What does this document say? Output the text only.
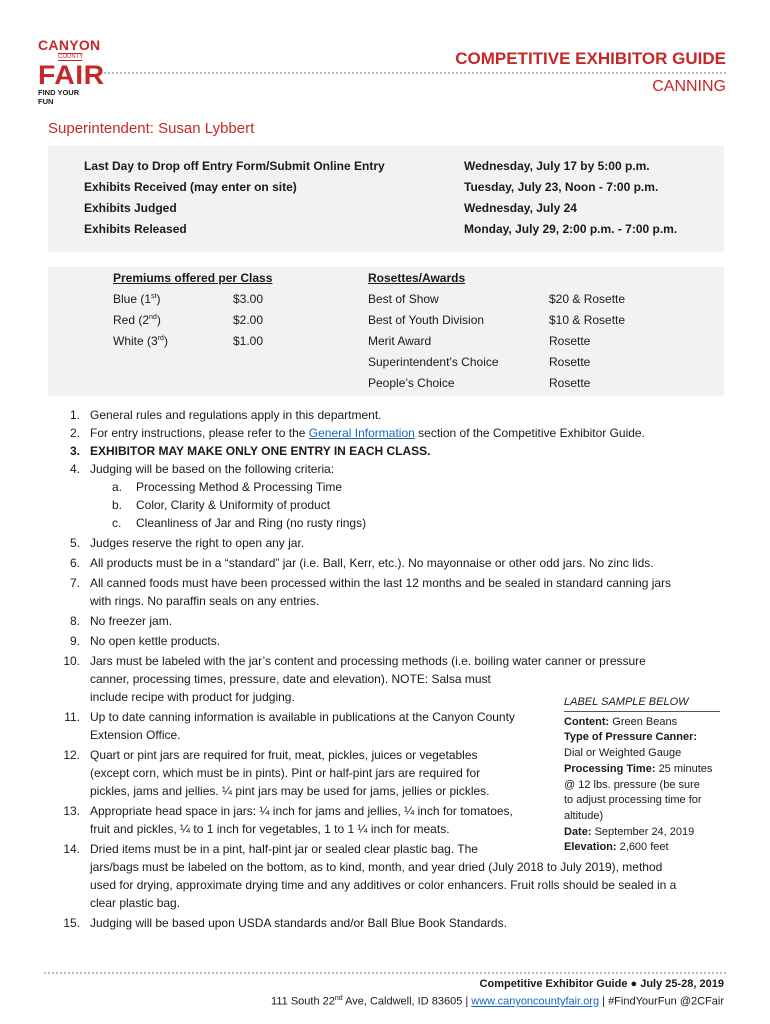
CANYON
COUNTY
FAIR
FIND YOUR FUN
COMPETITIVE EXHIBITOR GUIDE
CANNING
Superintendent: Susan Lybbert
Last Day to Drop off Entry Form/Submit Online Entry	Wednesday, July 17 by 5:00 p.m.
Exhibits Received (may enter on site)	Tuesday, July 23, Noon - 7:00 p.m.
Exhibits Judged	Wednesday, July 24
Exhibits Released	Monday, July 29, 2:00 p.m. - 7:00 p.m.
Premiums offered per Class
Blue (1st)	$3.00
Red (2nd)	$2.00
White (3rd)	$1.00
Rosettes/Awards
Best of Show	$20 & Rosette
Best of Youth Division	$10 & Rosette
Merit Award	Rosette
Superintendent’s Choice	Rosette
People’s Choice	Rosette
1. General rules and regulations apply in this department.
2. For entry instructions, please refer to the General Information section of the Competitive Exhibitor Guide.
3. EXHIBITOR MAY MAKE ONLY ONE ENTRY IN EACH CLASS.
4. Judging will be based on the following criteria:
a. Processing Method & Processing Time
b. Color, Clarity & Uniformity of product
c. Cleanliness of Jar and Ring (no rusty rings)
5. Judges reserve the right to open any jar.
6. All products must be in a “standard” jar (i.e. Ball, Kerr, etc.). No mayonnaise or other odd jars. No zinc lids.
7. All canned foods must have been processed within the last 12 months and be sealed in standard canning jars
with rings. No paraffin seals on any entries.
8. No freezer jam.
9. No open kettle products.
10. Jars must be labeled with the jar’s content and processing methods (i.e. boiling water canner or pressure
canner, processing times, pressure, date and elevation). NOTE: Salsa must
include recipe with product for judging.
11. Up to date canning information is available in publications at the Canyon County
Extension Office.
12. Quart or pint jars are required for fruit, meat, pickles, juices or vegetables
(except corn, which must be in pints). Pint or half-pint jars are required for
pickles, jams and jellies. ¼ pint jars may be used for jams, jellies or pickles.
13. Appropriate head space in jars: ¼ inch for jams and jellies, ¼ inch for tomatoes,
fruit and pickles, ¼ to 1 inch for vegetables, 1 to 1 ¼ inch for meats.
14. Dried items must be in a pint, half-pint jar or sealed clear plastic bag. The
jars/bags must be labeled on the bottom, as to kind, month, and year dried (July 2018 to July 2019), method
used for drying, approximate drying time and any additives or color enhancers. Fruit rolls should be sealed in a
clear plastic bag.
15. Judging will be based upon USDA standards and/or Ball Blue Book Standards.
LABEL SAMPLE BELOW
Content: Green Beans
Type of Pressure Canner:
Dial or Weighted Gauge
Processing Time: 25 minutes
@ 12 lbs. pressure (be sure
to adjust processing time for
altitude)
Date: September 24, 2019
Elevation: 2,600 feet
Competitive Exhibitor Guide ● July 25-28, 2019
111 South 22nd Ave, Caldwell, ID 83605 | www.canyoncountyfair.org | #FindYourFun @2CFair
